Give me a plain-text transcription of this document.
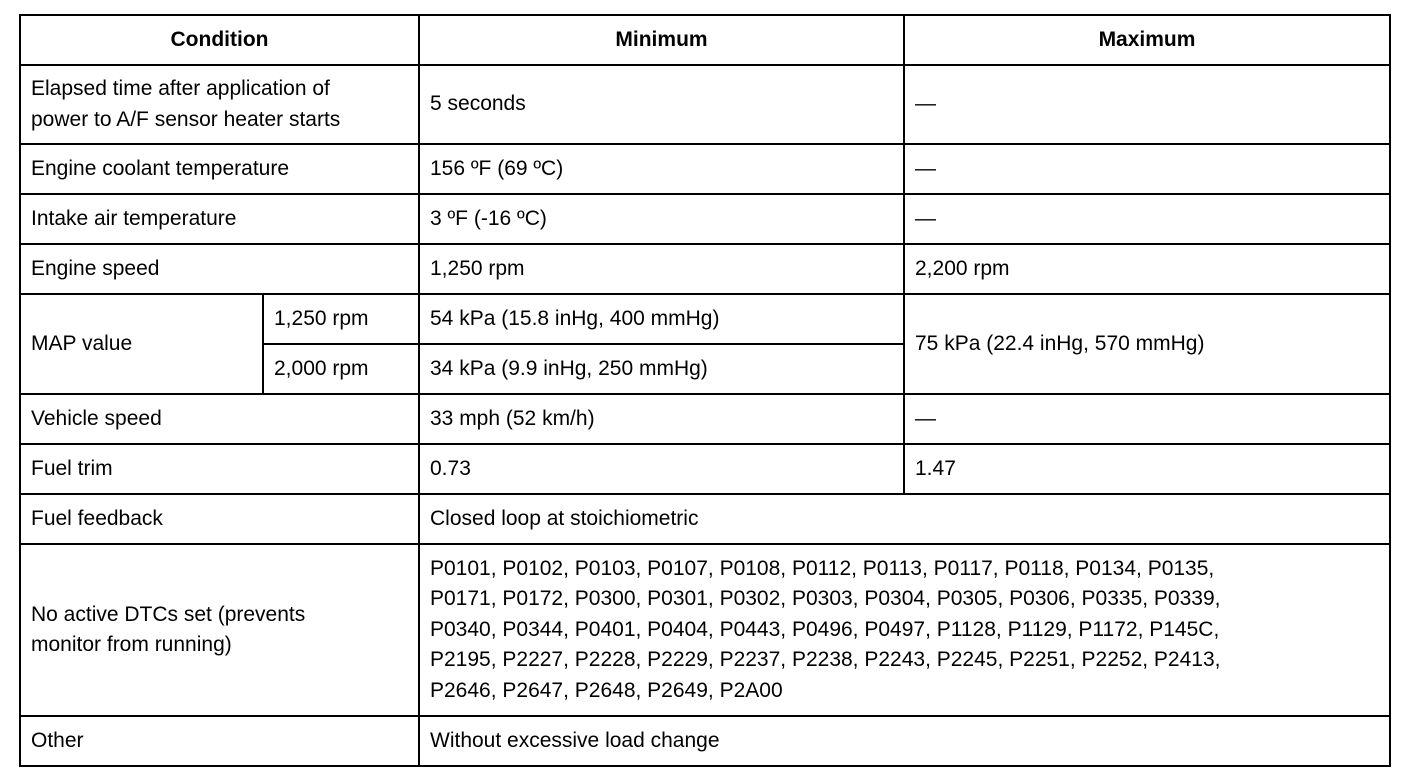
Condition		Minimum	Maximum
Elapsed time after application of
power to A/F sensor heater starts		5 seconds	—
Engine coolant temperature		156 ºF (69 ºC)	—
Intake air temperature		3 ºF (-16 ºC)	—
Engine speed		1,250 rpm	2,200 rpm
MAP value	1,250 rpm	54 kPa (15.8 inHg, 400 mmHg)	75 kPa (22.4 inHg, 570 mmHg)
	2,000 rpm	34 kPa (9.9 inHg, 250 mmHg)	
Vehicle speed		33 mph (52 km/h)	—
Fuel trim		0.73	1.47
Fuel feedback		Closed loop at stoichiometric	
No active DTCs set (prevents
monitor from running)		P0101, P0102, P0103, P0107, P0108, P0112, P0113, P0117, P0118, P0134, P0135,
P0171, P0172, P0300, P0301, P0302, P0303, P0304, P0305, P0306, P0335, P0339,
P0340, P0344, P0401, P0404, P0443, P0496, P0497, P1128, P1129, P1172, P145C,
P2195, P2227, P2228, P2229, P2237, P2238, P2243, P2245, P2251, P2252, P2413,
P2646, P2647, P2648, P2649, P2A00	
Other		Without excessive load change	
